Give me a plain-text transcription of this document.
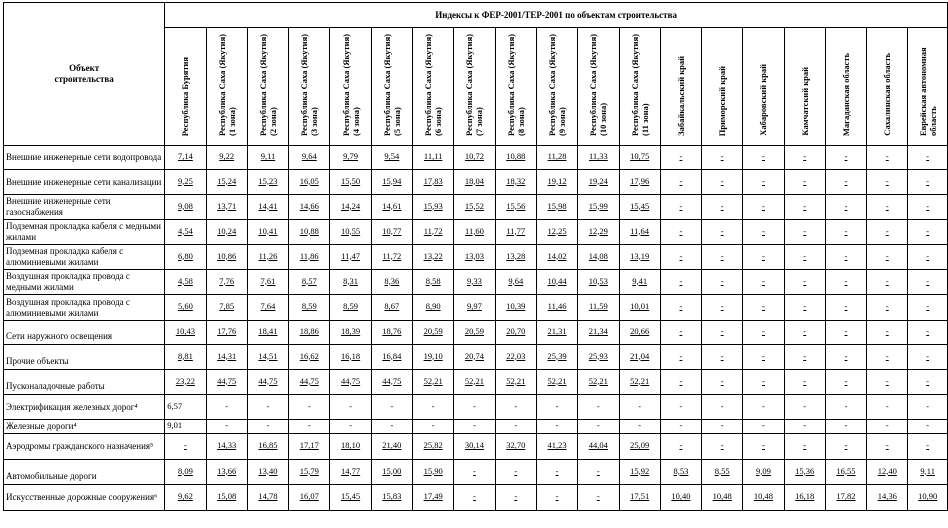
Объект строительства	Индексы к ФЕР-2001/ТЕР-2001 по объектам строительства																		
	Республика Бурятия	Республика Саха (Якутия) (1 зона)	Республика Саха (Якутия) (2 зона)	Республика Саха (Якутия) (3 зона)	Республика Саха (Якутия) (4 зона)	Республика Саха (Якутия) (5 зона)	Республика Саха (Якутия) (6 зона)	Республика Саха (Якутия) (7 зона)	Республика Саха (Якутия) (8 зона)	Республика Саха (Якутия) (9 зона)	Республика Саха (Якутия) (10 зона)	Республика Саха (Якутия) (11 зона)	Забайкальский край	Приморский край	Хабаровский край	Камчатский край	Магаданская область	Сахалинская область	Еврейская автономная область
Внешние инженерные сети водопровода	7,14	9,22	9,11	9,64	9,79	9,54	11,11	10,72	10,88	11,28	11,33	10,75	-	-	-	-	-	-	-
Внешние инженерные сети канализации	9,25	15,24	15,23	16,05	15,50	15,94	17,83	18,04	18,32	19,12	19,24	17,96	-	-	-	-	-	-	-
Внешние инженерные сети газоснабжения	9,08	13,71	14,41	14,66	14,24	14,61	15,93	15,52	15,56	15,98	15,99	15,45	-	-	-	-	-	-	-
Подземная прокладка кабеля с медными жилами	4,54	10,24	10,41	10,88	10,55	10,77	11,72	11,60	11,77	12,25	12,29	11,64	-	-	-	-	-	-	-
Подземная прокладка кабеля с алюминиевыми жилами	6,80	10,86	11,26	11,86	11,47	11,72	13,22	13,03	13,28	14,02	14,08	13,19	-	-	-	-	-	-	-
Воздушная прокладка провода с медными жилами	4,58	7,76	7,61	8,57	8,31	8,36	8,58	9,33	9,64	10,44	10,53	9,41	-	-	-	-	-	-	-
Воздушная прокладка провода с алюминиевыми жилами	5,60	7,85	7,64	8,59	8,59	8,67	8,90	9,97	10,39	11,46	11,59	10,01	-	-	-	-	-	-	-
Сети наружного освещения	10,43	17,76	18,41	18,86	18,39	18,76	20,59	20,59	20,70	21,31	21,34	20,66	-	-	-	-	-	-	-
Прочие объекты	8,81	14,31	14,51	16,62	16,18	16,84	19,10	20,74	22,03	25,39	25,93	21,04	-	-	-	-	-	-	-
Пусконаладочные работы	23,22	44,75	44,75	44,75	44,75	44,75	52,21	52,21	52,21	52,21	52,21	52,21	-	-	-	-	-	-	-
Электрификация железных дорог⁴	6,57	-	-	-	-	-	-	-	-	-	-	-	-	-	-	-	-	-	-
Железные дороги⁴	9,01	-	-	-	-	-	-	-	-	-	-	-	-	-	-	-	-	-	-
Аэродромы гражданского назначения⁵	-	14,33	16,85	17,17	18,10	21,40	25,82	30,14	32,70	41,23	44,04	25,09	-	-	-	-	-	-	-
Автомобильные дороги	8,09	13,66	13,40	15,79	14,77	15,00	15,90	-	-	-	-	15,92	8,53	8,55	9,09	15,36	16,55	12,40	9,11
Искусственные дорожные сооружения⁶	9,62	15,08	14,78	16,07	15,45	15,83	17,49	-	-	-	-	17,51	10,40	10,48	10,48	16,18	17,82	14,36	10,90
